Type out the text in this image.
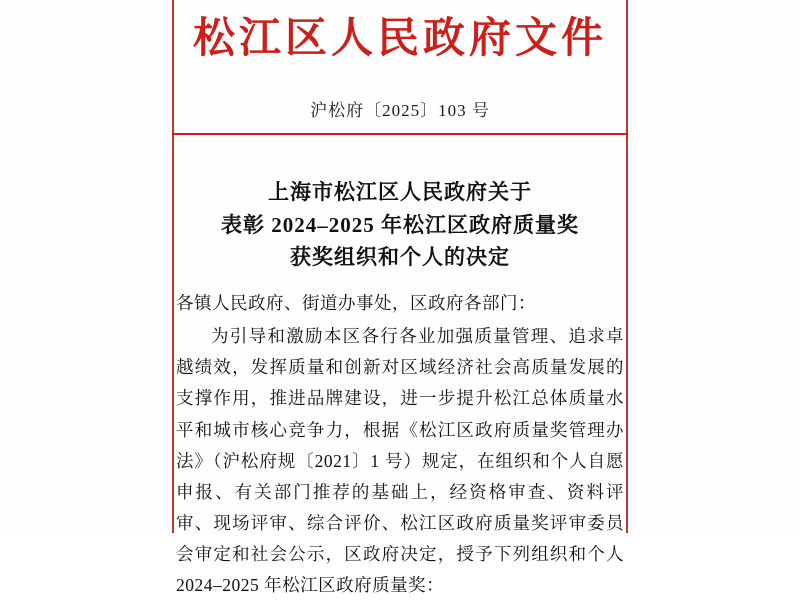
松江区人民政府文件
沪松府〔2025〕103 号
上海市松江区人民政府关于
表彰 2024–2025 年松江区政府质量奖
获奖组织和个人的决定

各镇人民政府、街道办事处，区政府各部门：

为引导和激励本区各行各业加强质量管理、追求卓越绩效，发挥质量和创新对区域经济社会高质量发展的支撑作用，推进品牌建设，进一步提升松江总体质量水平和城市核心竞争力，根据《松江区政府质量奖管理办法》（沪松府规〔2021〕1 号）规定，在组织和个人自愿申报、有关部门推荐的基础上，经资格审查、资料评审、现场评审、综合评价、松江区政府质量奖评审委员会审定和社会公示，区政府决定，授予下列组织和个人 2024–2025 年松江区政府质量奖：
